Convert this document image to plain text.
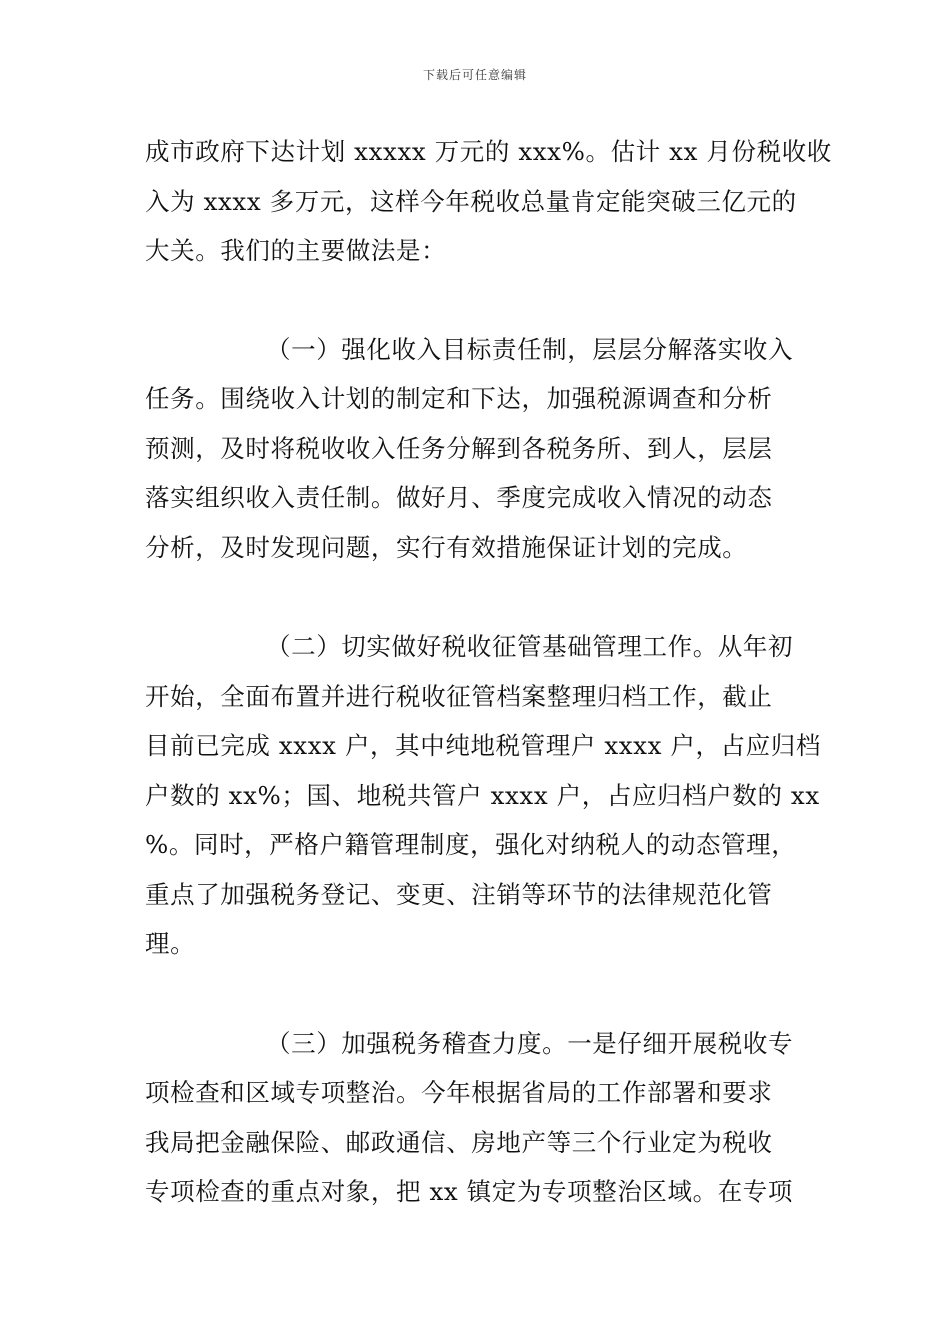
下载后可任意编辑
成市政府下达计划 xxxxx 万元的 xxx%。估计 xx 月份税收收
入为 xxxx 多万元，这样今年税收总量肯定能突破三亿元的
大关。我们的主要做法是：
（一）强化收入目标责任制，层层分解落实收入
任务。围绕收入计划的制定和下达，加强税源调查和分析
预测，及时将税收收入任务分解到各税务所、到人，层层
落实组织收入责任制。做好月、季度完成收入情况的动态
分析，及时发现问题，实行有效措施保证计划的完成。
（二）切实做好税收征管基础管理工作。从年初
开始，全面布置并进行税收征管档案整理归档工作，截止
目前已完成 xxxx 户，其中纯地税管理户 xxxx 户，占应归档
户数的 xx%；国、地税共管户 xxxx 户，占应归档户数的 xx
%。同时，严格户籍管理制度，强化对纳税人的动态管理，
重点了加强税务登记、变更、注销等环节的法律规范化管
理。
（三）加强税务稽查力度。一是仔细开展税收专
项检查和区域专项整治。今年根据省局的工作部署和要求
我局把金融保险、邮政通信、房地产等三个行业定为税收
专项检查的重点对象，把 xx 镇定为专项整治区域。在专项
